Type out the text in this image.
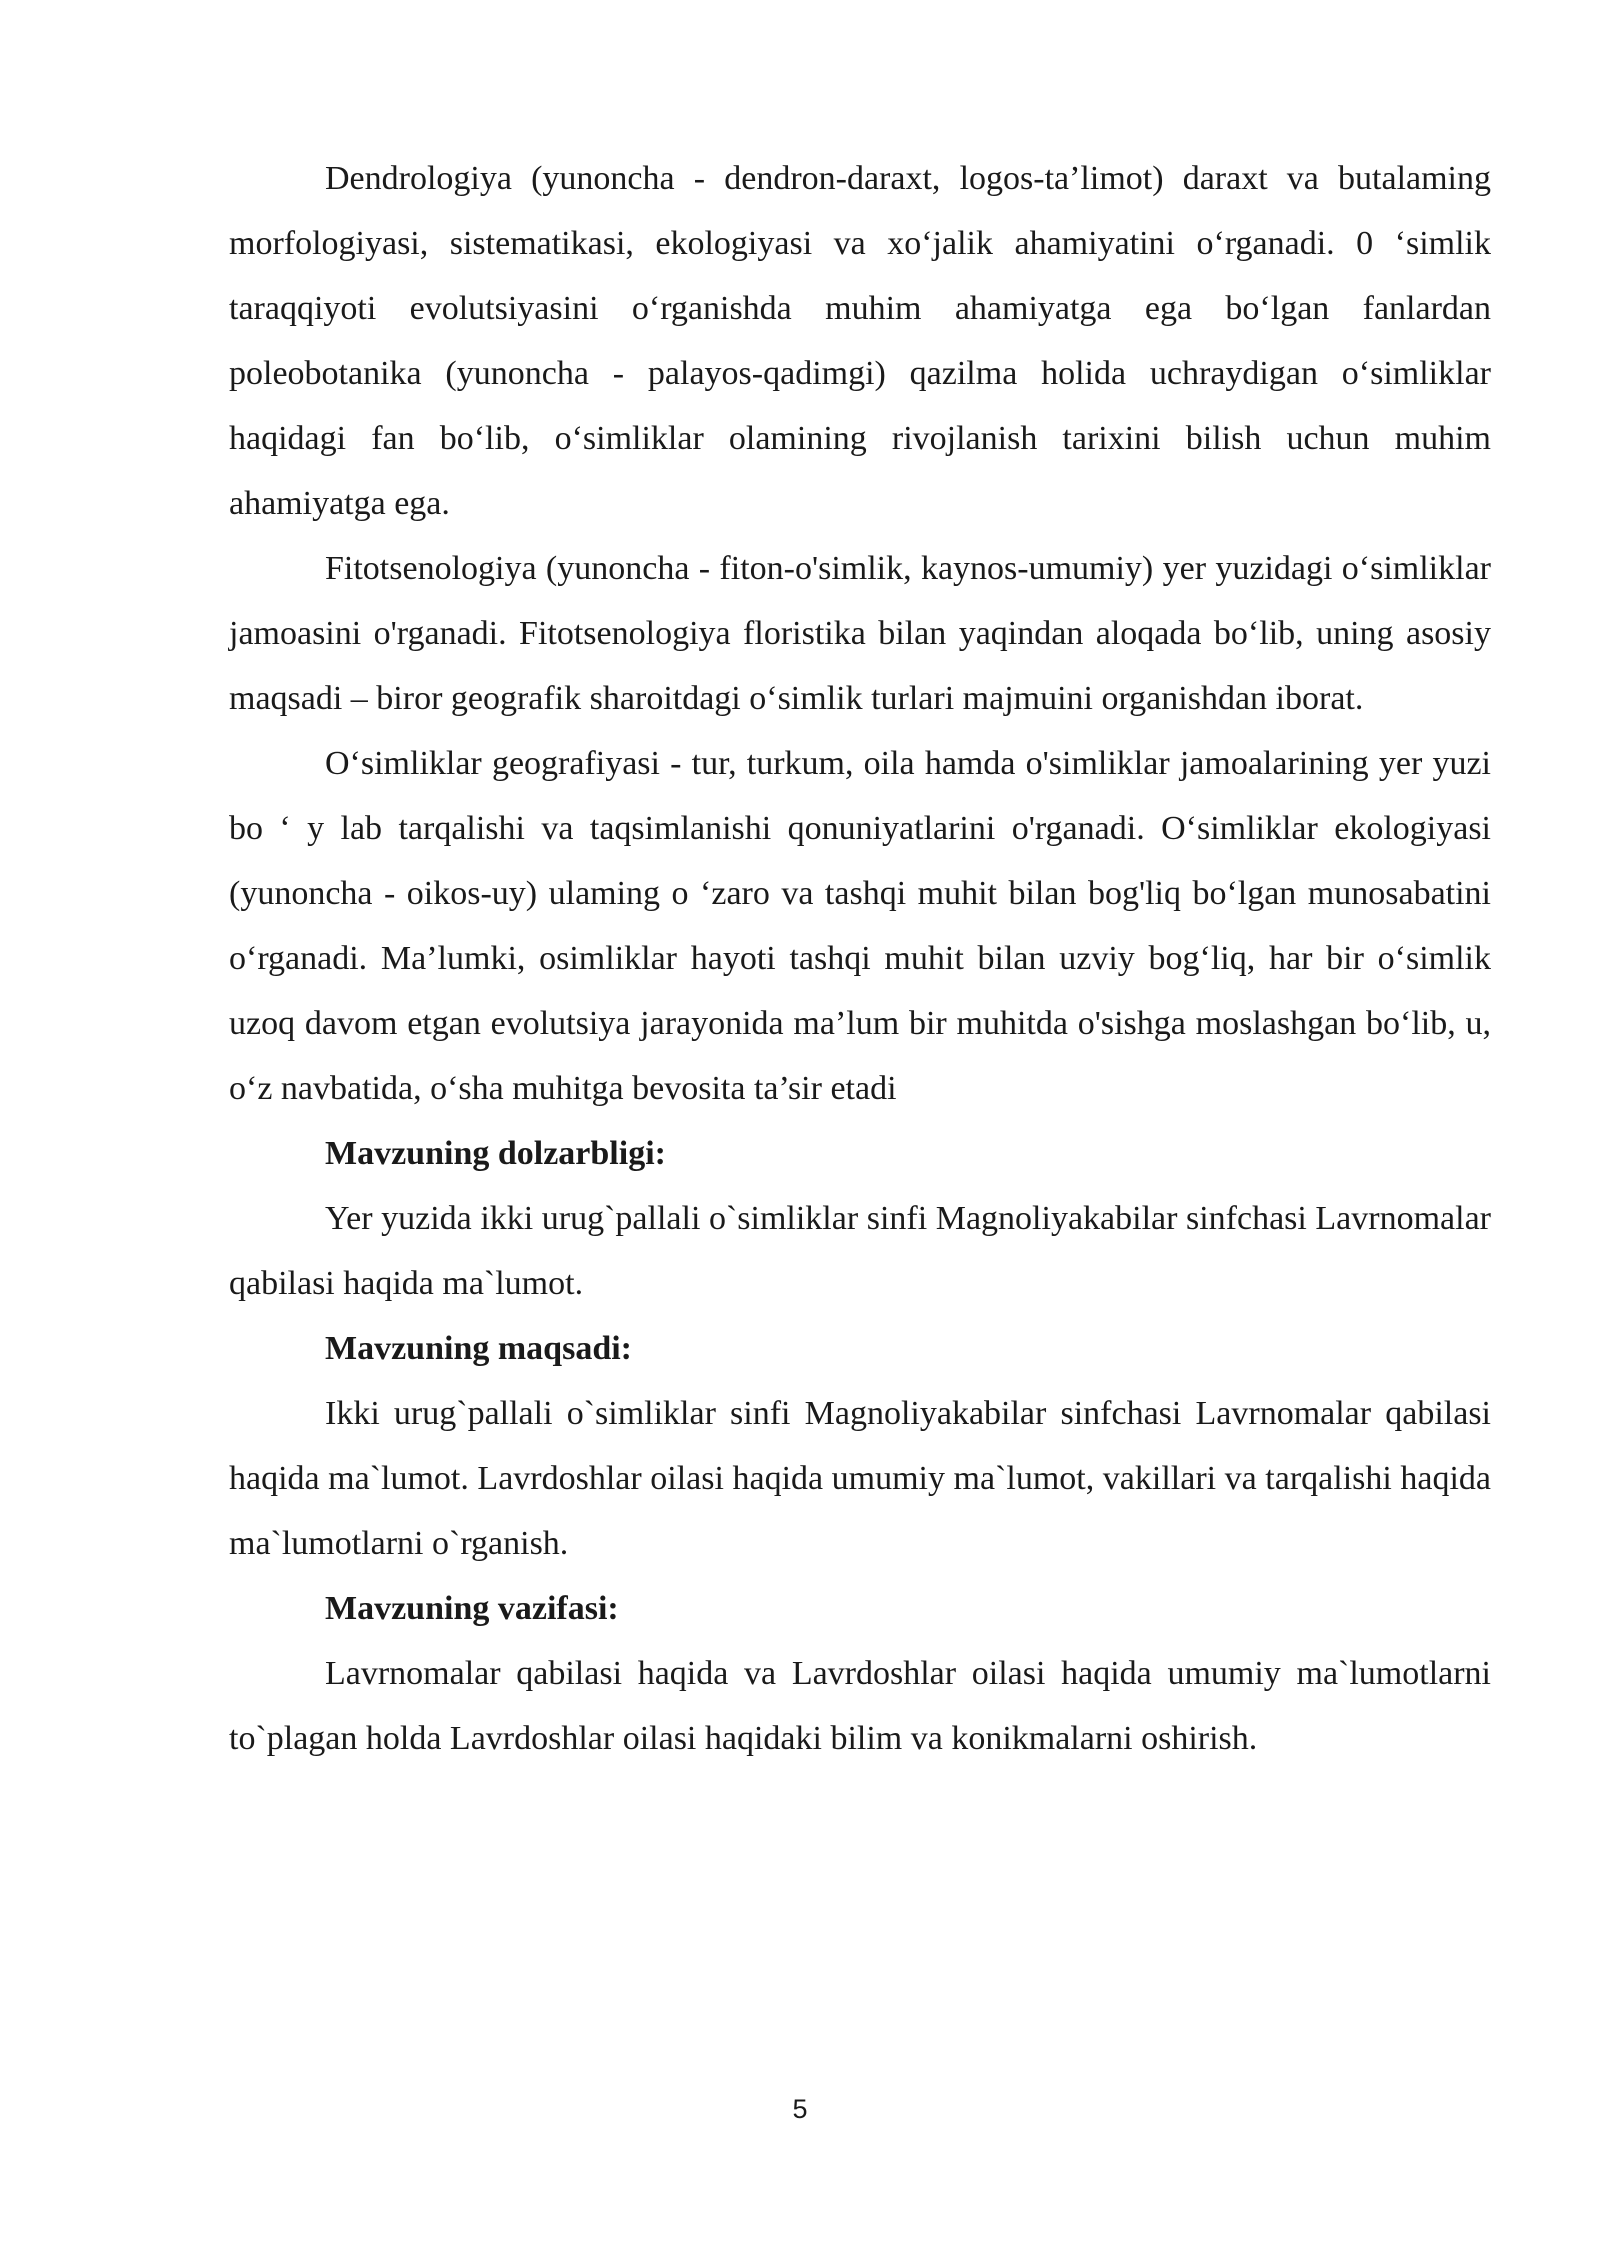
Dendrologiya (yunoncha - dendron-daraxt, logos-ta’limot) daraxt va butalaming morfologiyasi, sistematikasi, ekologiyasi va xo‘jalik ahamiyatini o‘rganadi. 0 ‘simlik taraqqiyoti evolutsiyasini o‘rganishda muhim ahamiyatga ega bo‘lgan fanlardan poleobotanika (yunoncha - palayos-qadimgi) qazilma holida uchraydigan o‘simliklar haqidagi fan bo‘lib, o‘simliklar olamining rivojlanish tarixini bilish uchun muhim ahamiyatga ega.

Fitotsenologiya (yunoncha - fiton-o'simlik, kaynos-umumiy) yer yuzidagi o‘simliklar jamoasini o'rganadi. Fitotsenologiya floristika bilan yaqindan aloqada bo‘lib, uning asosiy maqsadi – biror geografik sharoitdagi o‘simlik turlari majmuini organishdan iborat.

O‘simliklar geografiyasi - tur, turkum, oila hamda o'simliklar jamoalarining yer yuzi bo ‘ y lab tarqalishi va taqsimlanishi qonuniyatlarini o'rganadi. O‘simliklar ekologiyasi (yunoncha - oikos-uy) ulaming o ‘zaro va tashqi muhit bilan bog'liq bo‘lgan munosabatini o‘rganadi. Ma’lumki, osimliklar hayoti tashqi muhit bilan uzviy bog‘liq, har bir o‘simlik uzoq davom etgan evolutsiya jarayonida ma’lum bir muhitda o'sishga moslashgan bo‘lib, u, o‘z navbatida, o‘sha muhitga bevosita ta’sir etadi

Mavzuning dolzarbligi:

Yer yuzida ikki urug`pallali o`simliklar sinfi Magnoliyakabilar sinfchasi Lavrnomalar qabilasi haqida ma`lumot.

Mavzuning maqsadi:

Ikki urug`pallali o`simliklar sinfi Magnoliyakabilar sinfchasi Lavrnomalar qabilasi haqida ma`lumot. Lavrdoshlar oilasi haqida umumiy ma`lumot, vakillari va tarqalishi haqida ma`lumotlarni o`rganish.

Mavzuning vazifasi:

Lavrnomalar qabilasi haqida va Lavrdoshlar oilasi haqida umumiy ma`lumotlarni to`plagan holda Lavrdoshlar oilasi haqidaki bilim va konikmalarni oshirish.

5
